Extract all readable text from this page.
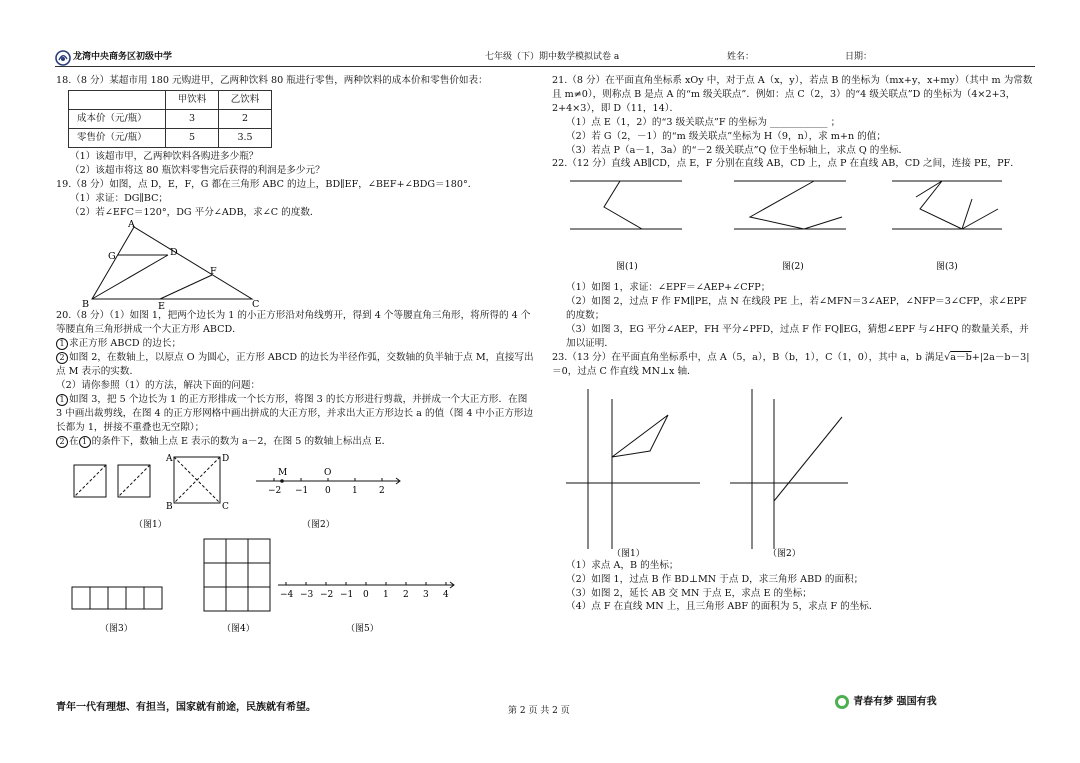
龙湾中央商务区初级中学	七年级（下）期中数学模拟试卷 a	姓名：	日期：

18.（8 分）某超市用 180 元购进甲，乙两种饮料 80 瓶进行零售，两种饮料的成本价和零售价如表：

	甲饮料	乙饮料
成本价（元/瓶）	3	2
零售价（元/瓶）	5	3.5

（1）该超市甲，乙两种饮料各购进多少瓶？

（2）该超市将这 80 瓶饮料零售完后获得的利润是多少元？

19.（8 分）如图，点 D，E，F，G 都在三角形 ABC 的边上，BD∥EF，∠BEF+∠BDG＝180°．

（1）求证：DG∥BC；

（2）若∠EFC＝120°，DG 平分∠ADB，求∠C 的度数．

A
G	D
F
B	E	C

20.（8 分）（1）如图 1，把两个边长为 1 的小正方形沿对角线剪开，得到 4 个等腰直角三角形，将所得的 4 个等腰直角三角形拼成一个大正方形 ABCD．

1 求正方形 ABCD 的边长；

2 如图 2，在数轴上，以原点 O 为圆心，正方形 ABCD 的边长为半径作弧，交数轴的负半轴于点 M，直接写出点 M 表示的实数．

（2）请你参照（1）的方法，解决下面的问题：

1 如图 3，把 5 个边长为 1 的正方形排成一个长方形，将图 3 的长方形进行剪裁，并拼成一个大正方形．在图 3 中画出裁剪线，在图 4 的正方形网格中画出拼成的大正方形，并求出大正方形边长 a 的值（图 4 中小正方形边长都为 1，拼接不重叠也无空隙）；

2 在 1 的条件下，数轴上点 E 表示的数为 a－2，在图 5 的数轴上标出点 E．

A	D
B	C
M	O
−2 −1 0 1 2
（图1）	（图2）
−4 −3 −2 −1 0 1 2 3 4
（图3）	（图4）	（图5）

21.（8 分）在平面直角坐标系 xOy 中，对于点 A（x，y），若点 B 的坐标为（mx+y，x+my）（其中 m 为常数且 m≠0），则称点 B 是点 A 的“m 级关联点”．例如：点 C（2，3）的“4 级关联点”D 的坐标为（4×2+3，2+4×3），即 D（11，14）．

（1）点 E（1，2）的“3 级关联点”F 的坐标为 ____________ ；

（2）若 G（2，－1）的“m 级关联点”坐标为 H（9，n），求 m+n 的值；

（3）若点 P（a－1，3a）的“－2 级关联点”Q 位于坐标轴上，求点 Q 的坐标．

22.（12 分）直线 AB∥CD，点 E，F 分别在直线 AB，CD 上，点 P 在直线 AB，CD 之间，连接 PE，PF．

图(1)	图(2)	图(3)

（1）如图 1，求证：∠EPF＝∠AEP+∠CFP；

（2）如图 2，过点 F 作 FM∥PE，点 N 在线段 PE 上，若∠MFN＝3∠AEP，∠NFP＝3∠CFP，求∠EPF 的度数；

（3）如图 3，EG 平分∠AEP，FH 平分∠PFD，过点 F 作 FQ∥EG，猜想∠EPF 与∠HFQ 的数量关系，并加以证明．

23.（13 分）在平面直角坐标系中，点 A（5，a），B（b，1），C（1，0），其中 a，b 满足√a－b+|2a－b－3|＝0，过点 C 作直线 MN⊥x 轴．

（图1）	（图2）

（1）求点 A，B 的坐标；

（2）如图 1，过点 B 作 BD⊥MN 于点 D，求三角形 ABD 的面积；

（3）如图 2，延长 AB 交 MN 于点 E，求点 E 的坐标；

（4）点 F 在直线 MN 上，且三角形 ABF 的面积为 5，求点 F 的坐标．

青年一代有理想、有担当，国家就有前途，民族就有希望。	第 2 页 共 2 页
青春有梦 强国有我
